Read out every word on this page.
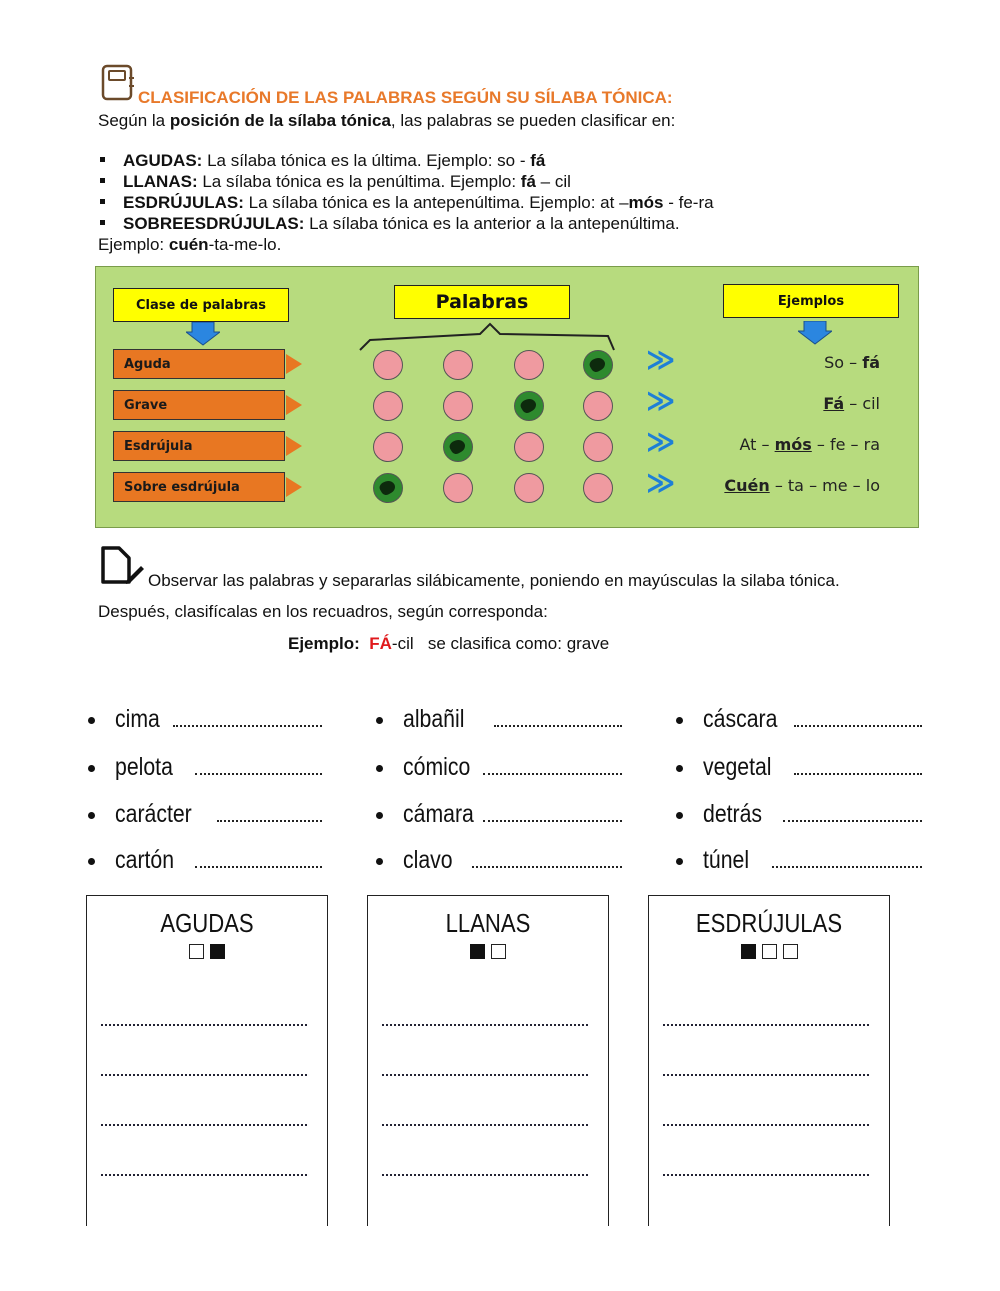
CLASIFICACIÓN DE LAS PALABRAS SEGÚN SU SÍLABA TÓNICA:
Según la posición de la sílaba tónica, las palabras se pueden clasificar en:
AGUDAS: La sílaba tónica es la última. Ejemplo: so - fá
LLANAS: La sílaba tónica es la penúltima. Ejemplo: fá – cil
ESDRÚJULAS: La sílaba tónica es la antepenúltima. Ejemplo: at –mós - fe-ra
SOBREESDRÚJULAS: La sílaba tónica es la anterior a la antepenúltima.
Ejemplo: cuén-ta-me-lo.
Clase de palabras	Palabras	Ejemplos
Aguda	≫	So – fá
Grave	≫	Fá – cil
Esdrújula	≫	At – mós – fe – ra
Sobre esdrújula	≫	Cuén – ta – me – lo
Observar las palabras y separarlas silábicamente, poniendo en mayúsculas la silaba tónica.
Después, clasifícalas en los recuadros, según corresponda:
Ejemplo: FÁ-cil se clasifica como: grave
cima
pelota
carácter
cartón
albañil
cómico
cámara
clavo
cáscara
vegetal
detrás
túnel
AGUDAS	LLANAS	ESDRÚJULAS
